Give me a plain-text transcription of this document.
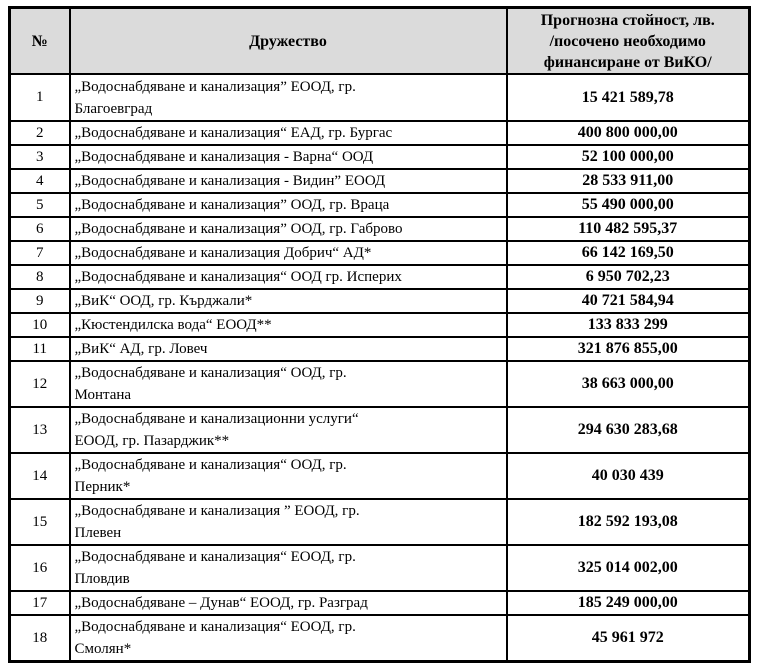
№	Дружество	Прогнозна стойност, лв.
/посочено необходимо
финансиране от ВиКО/
1	„Водоснабдяване и канализация” ЕООД, гр.
Благоевград	15 421 589,78
2	„Водоснабдяване и канализация“ ЕАД, гр. Бургас	400 800 000,00
3	„Водоснабдяване и канализация - Варна“ ООД	52 100 000,00
4	„Водоснабдяване и канализация - Видин” ЕООД	28 533 911,00
5	„Водоснабдяване и канализация” ООД, гр. Враца	55 490 000,00
6	„Водоснабдяване и канализация” ООД, гр. Габрово	110 482 595,37
7	„Водоснабдяване и канализация Добрич“ АД*	66 142 169,50
8	„Водоснабдяване и канализация“ ООД гр. Исперих	6 950 702,23
9	„ВиК“ ООД, гр. Кърджали*	40 721 584,94
10	„Кюстендилска вода“ ЕООД**	133 833 299
11	„ВиК“ АД, гр. Ловеч	321 876 855,00
12	„Водоснабдяване и канализация“ ООД, гр.
Монтана	38 663 000,00
13	„Водоснабдяване и канализационни услуги“
ЕООД, гр. Пазарджик**	294 630 283,68
14	„Водоснабдяване и канализация“ ООД, гр.
Перник*	40 030 439
15	„Водоснабдяване и канализация ” ЕООД, гр.
Плевен	182 592 193,08
16	„Водоснабдяване и канализация“ ЕООД, гр.
Пловдив	325 014 002,00
17	„Водоснабдяване – Дунав“ ЕООД, гр. Разград	185 249 000,00
18	„Водоснабдяване и канализация“ ЕООД, гр.
Смолян*	45 961 972
